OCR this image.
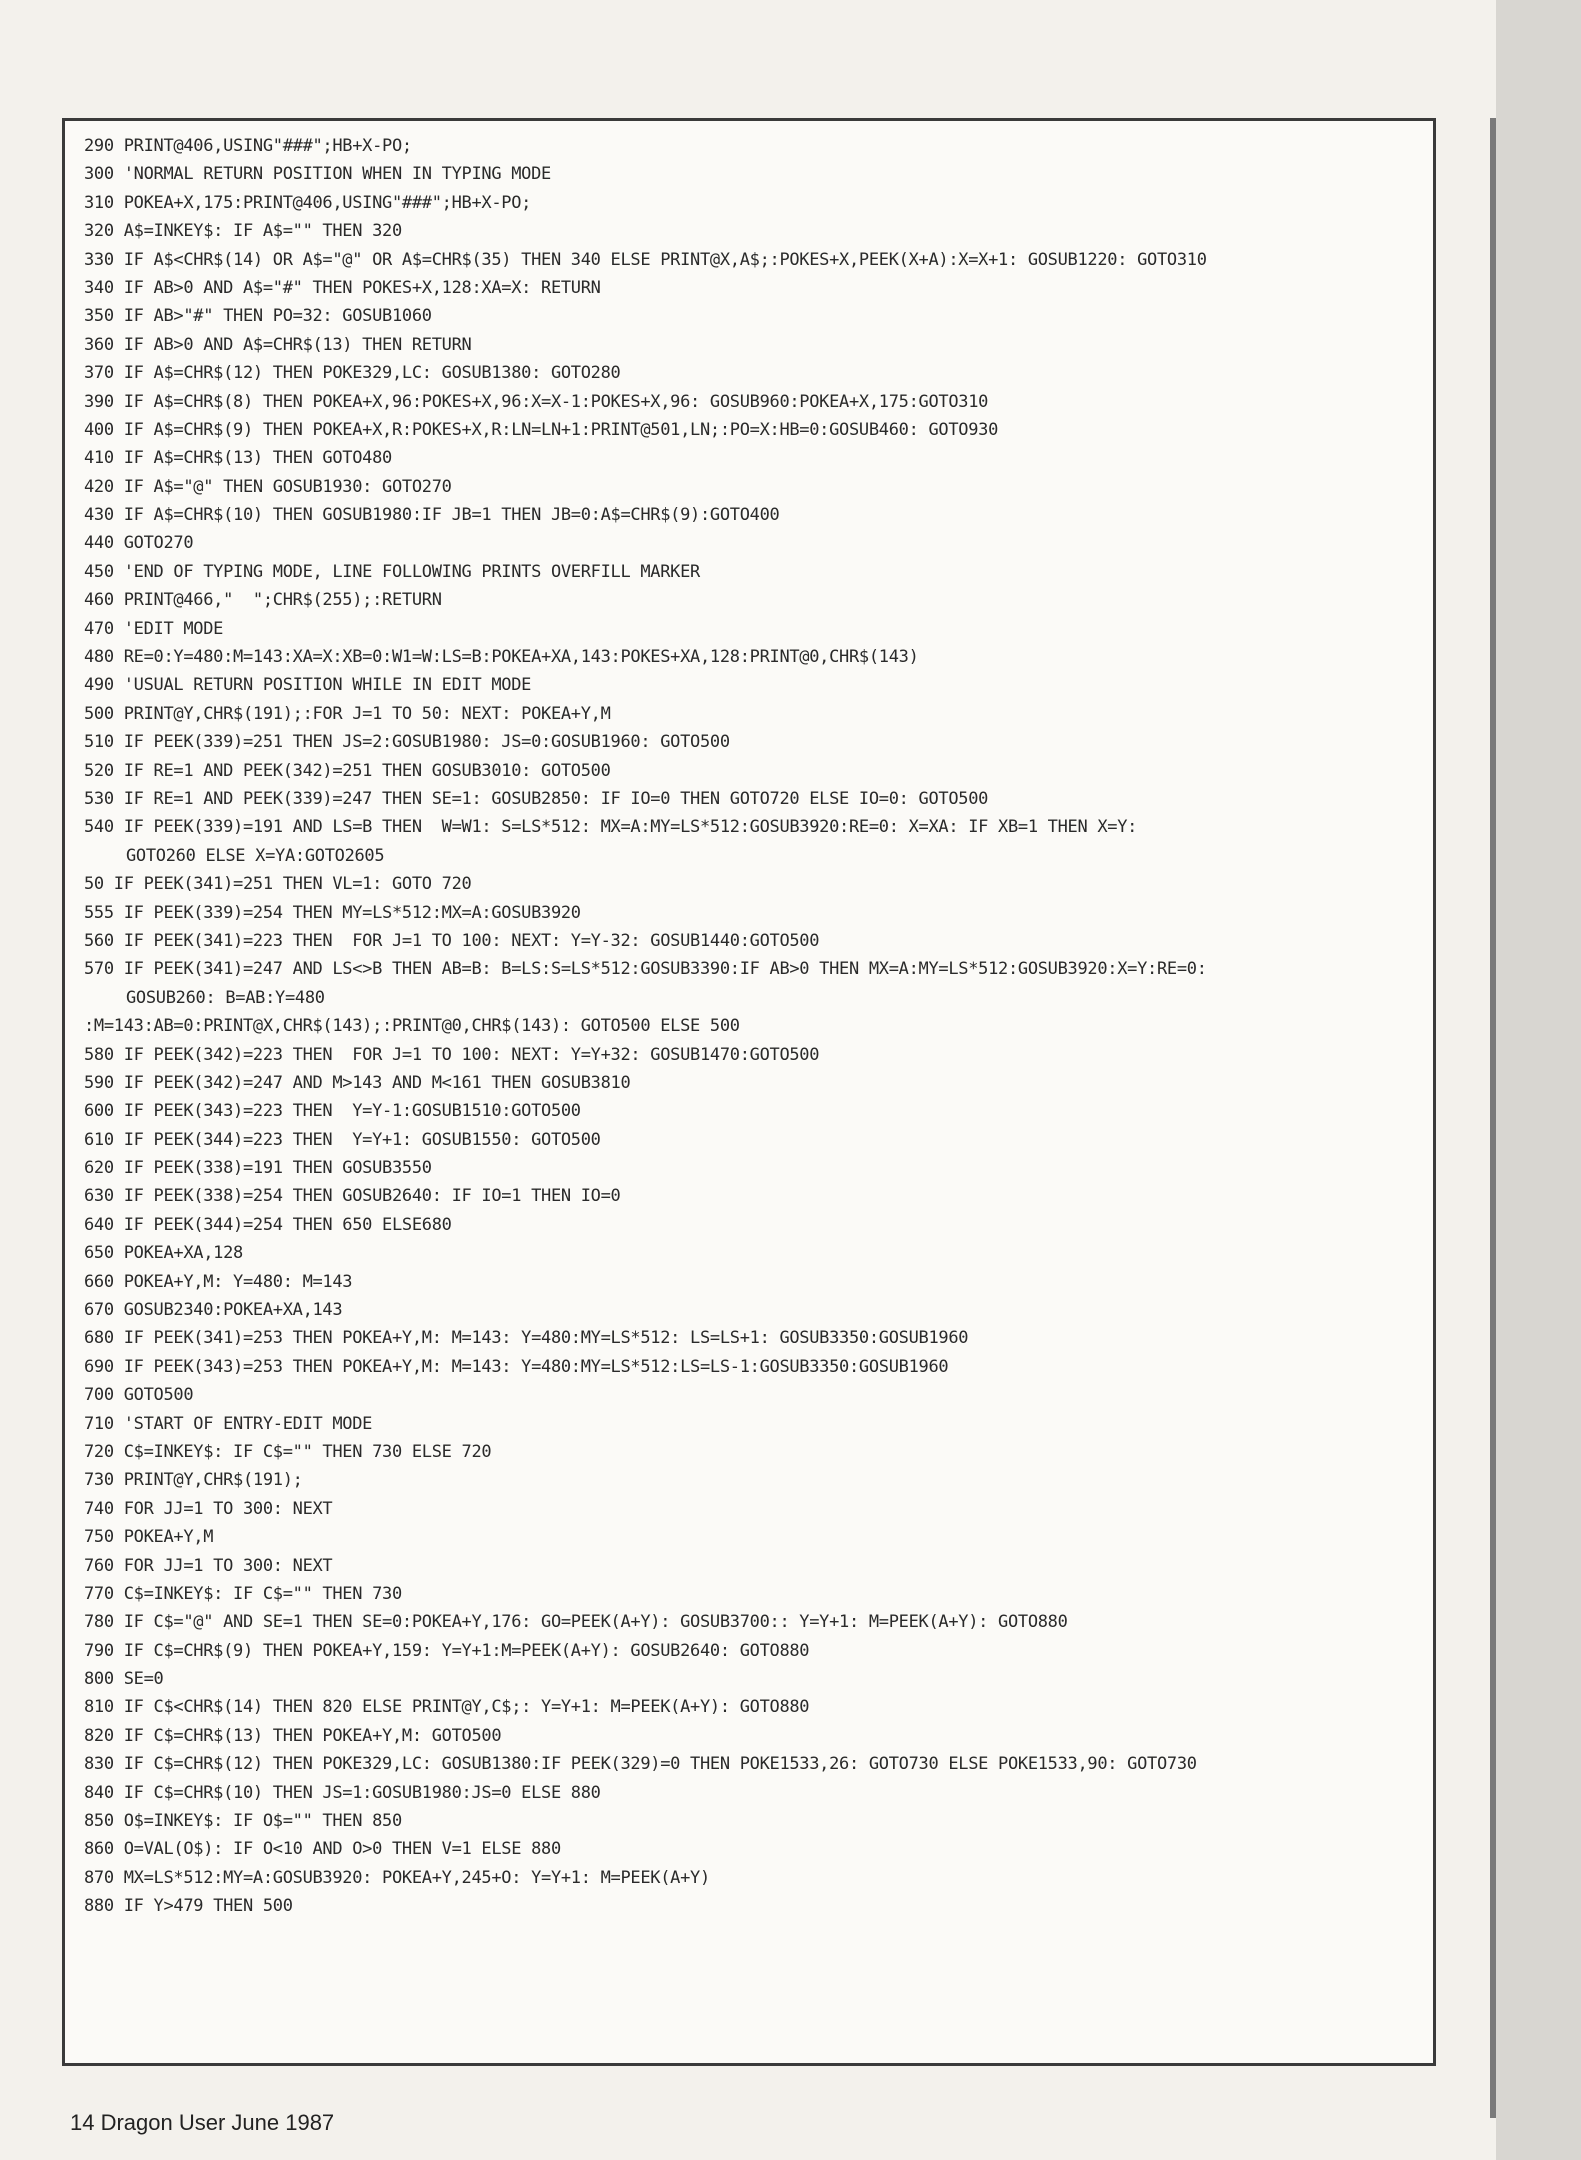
290 PRINT@406,USING"###";HB+X-PO;
300 'NORMAL RETURN POSITION WHEN IN TYPING MODE
310 POKEA+X,175:PRINT@406,USING"###";HB+X-PO;
320 A$=INKEY$: IF A$="" THEN 320
330 IF A$<CHR$(14) OR A$="@" OR A$=CHR$(35) THEN 340 ELSE PRINT@X,A$;:POKES+X,PEEK(X+A):X=X+1: GOSUB1220: GOTO310
340 IF AB>0 AND A$="#" THEN POKES+X,128:XA=X: RETURN
350 IF AB>"#" THEN PO=32: GOSUB1060
360 IF AB>0 AND A$=CHR$(13) THEN RETURN
370 IF A$=CHR$(12) THEN POKE329,LC: GOSUB1380: GOTO280
390 IF A$=CHR$(8) THEN POKEA+X,96:POKES+X,96:X=X-1:POKES+X,96: GOSUB960:POKEA+X,175:GOTO310
400 IF A$=CHR$(9) THEN POKEA+X,R:POKES+X,R:LN=LN+1:PRINT@501,LN;:PO=X:HB=0:GOSUB460: GOTO930
410 IF A$=CHR$(13) THEN GOTO480
420 IF A$="@" THEN GOSUB1930: GOTO270
430 IF A$=CHR$(10) THEN GOSUB1980:IF JB=1 THEN JB=0:A$=CHR$(9):GOTO400
440 GOTO270
450 'END OF TYPING MODE, LINE FOLLOWING PRINTS OVERFILL MARKER
460 PRINT@466,"  ";CHR$(255);:RETURN
470 'EDIT MODE
480 RE=0:Y=480:M=143:XA=X:XB=0:W1=W:LS=B:POKEA+XA,143:POKES+XA,128:PRINT@0,CHR$(143)
490 'USUAL RETURN POSITION WHILE IN EDIT MODE
500 PRINT@Y,CHR$(191);:FOR J=1 TO 50: NEXT: POKEA+Y,M
510 IF PEEK(339)=251 THEN JS=2:GOSUB1980: JS=0:GOSUB1960: GOTO500
520 IF RE=1 AND PEEK(342)=251 THEN GOSUB3010: GOTO500
530 IF RE=1 AND PEEK(339)=247 THEN SE=1: GOSUB2850: IF IO=0 THEN GOTO720 ELSE IO=0: GOTO500
540 IF PEEK(339)=191 AND LS=B THEN  W=W1: S=LS*512: MX=A:MY=LS*512:GOSUB3920:RE=0: X=XA: IF XB=1 THEN X=Y:
GOTO260 ELSE X=YA:GOTO2605
50 IF PEEK(341)=251 THEN VL=1: GOTO 720
555 IF PEEK(339)=254 THEN MY=LS*512:MX=A:GOSUB3920
560 IF PEEK(341)=223 THEN  FOR J=1 TO 100: NEXT: Y=Y-32: GOSUB1440:GOTO500
570 IF PEEK(341)=247 AND LS<>B THEN AB=B: B=LS:S=LS*512:GOSUB3390:IF AB>0 THEN MX=A:MY=LS*512:GOSUB3920:X=Y:RE=0:
GOSUB260: B=AB:Y=480
:M=143:AB=0:PRINT@X,CHR$(143);:PRINT@0,CHR$(143): GOTO500 ELSE 500
580 IF PEEK(342)=223 THEN  FOR J=1 TO 100: NEXT: Y=Y+32: GOSUB1470:GOTO500
590 IF PEEK(342)=247 AND M>143 AND M<161 THEN GOSUB3810
600 IF PEEK(343)=223 THEN  Y=Y-1:GOSUB1510:GOTO500
610 IF PEEK(344)=223 THEN  Y=Y+1: GOSUB1550: GOTO500
620 IF PEEK(338)=191 THEN GOSUB3550
630 IF PEEK(338)=254 THEN GOSUB2640: IF IO=1 THEN IO=0
640 IF PEEK(344)=254 THEN 650 ELSE680
650 POKEA+XA,128
660 POKEA+Y,M: Y=480: M=143
670 GOSUB2340:POKEA+XA,143
680 IF PEEK(341)=253 THEN POKEA+Y,M: M=143: Y=480:MY=LS*512: LS=LS+1: GOSUB3350:GOSUB1960
690 IF PEEK(343)=253 THEN POKEA+Y,M: M=143: Y=480:MY=LS*512:LS=LS-1:GOSUB3350:GOSUB1960
700 GOTO500
710 'START OF ENTRY-EDIT MODE
720 C$=INKEY$: IF C$="" THEN 730 ELSE 720
730 PRINT@Y,CHR$(191);
740 FOR JJ=1 TO 300: NEXT
750 POKEA+Y,M
760 FOR JJ=1 TO 300: NEXT
770 C$=INKEY$: IF C$="" THEN 730
780 IF C$="@" AND SE=1 THEN SE=0:POKEA+Y,176: GO=PEEK(A+Y): GOSUB3700:: Y=Y+1: M=PEEK(A+Y): GOTO880
790 IF C$=CHR$(9) THEN POKEA+Y,159: Y=Y+1:M=PEEK(A+Y): GOSUB2640: GOTO880
800 SE=0
810 IF C$<CHR$(14) THEN 820 ELSE PRINT@Y,C$;: Y=Y+1: M=PEEK(A+Y): GOTO880
820 IF C$=CHR$(13) THEN POKEA+Y,M: GOTO500
830 IF C$=CHR$(12) THEN POKE329,LC: GOSUB1380:IF PEEK(329)=0 THEN POKE1533,26: GOTO730 ELSE POKE1533,90: GOTO730
840 IF C$=CHR$(10) THEN JS=1:GOSUB1980:JS=0 ELSE 880
850 O$=INKEY$: IF O$="" THEN 850
860 O=VAL(O$): IF O<10 AND O>0 THEN V=1 ELSE 880
870 MX=LS*512:MY=A:GOSUB3920: POKEA+Y,245+O: Y=Y+1: M=PEEK(A+Y)
880 IF Y>479 THEN 500
14 Dragon User June 1987
